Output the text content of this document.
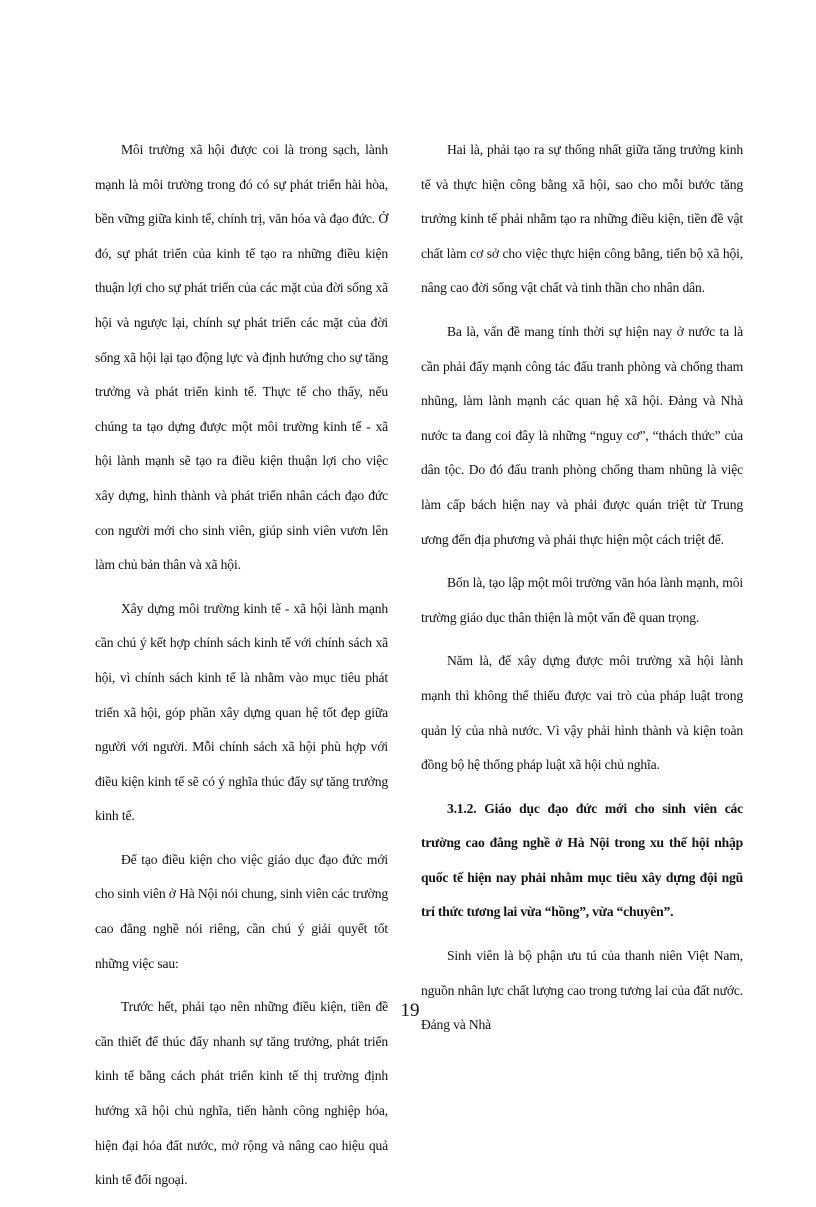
Môi trường xã hội được coi là trong sạch, lành mạnh là môi trường trong đó có sự phát triển hài hòa, bền vững giữa kinh tế, chính trị, văn hóa và đạo đức. Ở đó, sự phát triển của kinh tế tạo ra những điều kiện thuận lợi cho sự phát triển của các mặt của đời sống xã hội và ngược lại, chính sự phát triển các mặt của đời sống xã hội lại tạo động lực và định hướng cho sự tăng trưởng và phát triển kinh tế. Thực tế cho thấy, nếu chúng ta tạo dựng được một môi trường kinh tế - xã hội lành mạnh sẽ tạo ra điều kiện thuận lợi cho việc xây dựng, hình thành và phát triển nhân cách đạo đức con người mới cho sinh viên, giúp sinh viên vươn lên làm chủ bản thân và xã hội.

Xây dựng môi trường kinh tế - xã hội lành mạnh cần chú ý kết hợp chính sách kinh tế với chính sách xã hội, vì chính sách kinh tế là nhằm vào mục tiêu phát triển xã hội, góp phần xây dựng quan hệ tốt đẹp giữa người với người. Mỗi chính sách xã hội phù hợp với điều kiện kinh tế sẽ có ý nghĩa thúc đẩy sự tăng trưởng kinh tế.

Để tạo điều kiện cho việc giáo dục đạo đức mới cho sinh viên ở Hà Nội nói chung, sinh viên các trường cao đẳng nghề nói riêng, cần chú ý giải quyết tốt những việc sau:

Trước hết, phải tạo nên những điều kiện, tiền đề cần thiết để thúc đẩy nhanh sự tăng trưởng, phát triển kinh tế bằng cách phát triển kinh tế thị trường định hướng xã hội chủ nghĩa, tiến hành công nghiệp hóa, hiện đại hóa đất nước, mở rộng và nâng cao hiệu quả kinh tế đối ngoại.

Hai là, phải tạo ra sự thống nhất giữa tăng trưởng kinh tế và thực hiện công bằng xã hội, sao cho mỗi bước tăng trưởng kinh tế phải nhằm tạo ra những điều kiện, tiền đề vật chất làm cơ sở cho việc thực hiện công bằng, tiến bộ xã hội, nâng cao đời sống vật chất và tinh thần cho nhân dân.

Ba là, vấn đề mang tính thời sự hiện nay ở nước ta là cần phải đẩy mạnh công tác đấu tranh phòng và chống tham nhũng, làm lành mạnh các quan hệ xã hội. Đảng và Nhà nước ta đang coi đây là những “nguy cơ”, “thách thức” của dân tộc. Do đó đấu tranh phòng chống tham nhũng là việc làm cấp bách hiện nay và phải được quán triệt từ Trung ương đến địa phương và phải thực hiện một cách triệt để.

Bốn là, tạo lập một môi trường văn hóa lành mạnh, môi trường giáo dục thân thiện là một vấn đề quan trọng.

Năm là, để xây dựng được môi trường xã hội lành mạnh thì không thể thiếu được vai trò của pháp luật trong quản lý của nhà nước. Vì vậy phải hình thành và kiện toàn đồng bộ hệ thống pháp luật xã hội chủ nghĩa.

3.1.2. Giáo dục đạo đức mới cho sinh viên các trường cao đẳng nghề ở Hà Nội trong xu thế hội nhập quốc tế hiện nay phải nhằm mục tiêu xây dựng đội ngũ trí thức tương lai vừa “hồng”, vừa “chuyên”.

Sinh viên là bộ phận ưu tú của thanh niên Việt Nam, nguồn nhân lực chất lượng cao trong tương lai của đất nước. Đảng và Nhà

19
